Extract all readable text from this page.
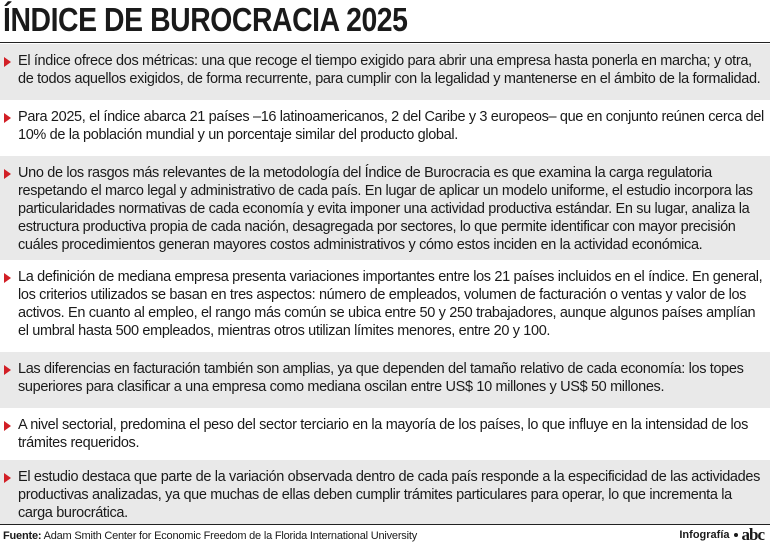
ÍNDICE DE BUROCRACIA 2025
El índice ofrece dos métricas: una que recoge el tiempo exigido para abrir una empresa hasta ponerla en marcha; y otra, de todos aquellos exigidos, de forma recurrente, para cumplir con la legalidad y mantenerse en el ámbito de la formalidad.
Para 2025, el índice abarca 21 países –16 latinoamericanos, 2 del Caribe y 3 europeos– que en conjunto reúnen cerca del 10% de la población mundial y un porcentaje similar del producto global.
Uno de los rasgos más relevantes de la metodología del Índice de Burocracia es que examina la carga regulatoria respetando el marco legal y administrativo de cada país. En lugar de aplicar un modelo uniforme, el estudio incorpora las particularidades normativas de cada economía y evita imponer una actividad productiva estándar. En su lugar, analiza la estructura productiva propia de cada nación, desagregada por sectores, lo que permite identificar con mayor precisión cuáles procedimientos generan mayores costos administrativos y cómo estos inciden en la actividad económica.
La definición de mediana empresa presenta variaciones importantes entre los 21 países incluidos en el índice. En general, los criterios utilizados se basan en tres aspectos: número de empleados, volumen de facturación o ventas y valor de los activos. En cuanto al empleo, el rango más común se ubica entre 50 y 250 trabajadores, aunque algunos países amplían el umbral hasta 500 empleados, mientras otros utilizan límites menores, entre 20 y 100.
Las diferencias en facturación también son amplias, ya que dependen del tamaño relativo de cada economía: los topes superiores para clasificar a una empresa como mediana oscilan entre US$ 10 millones y US$ 50 millones.
A nivel sectorial, predomina el peso del sector terciario en la mayoría de los países, lo que influye en la intensidad de los trámites requeridos.
El estudio destaca que parte de la variación observada dentro de cada país responde a la especificidad de las actividades productivas analizadas, ya que muchas de ellas deben cumplir trámites particulares para operar, lo que incrementa la carga burocrática.
Fuente: Adam Smith Center for Economic Freedom de la Florida International University	Infografía abc
